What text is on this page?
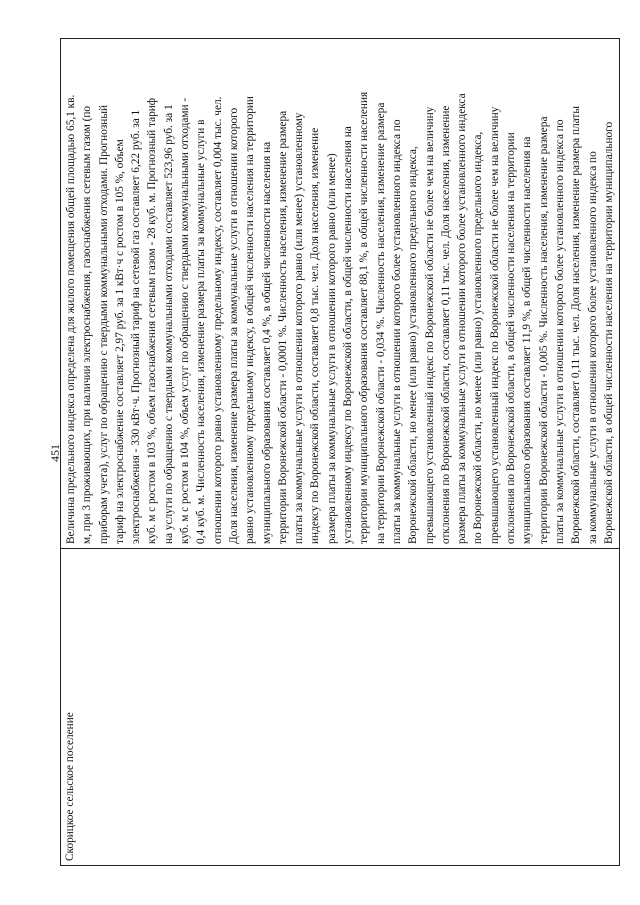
451
Скорицкое сельское поселение

Величина предельного индекса определена для жилого помещения общей площадью 65,1 кв. м, при 3 проживающих, при наличии электроснабжения, газоснабжения сетевым газом (по приборам учета), услуг по обращению с твердыми коммунальными отходами. Прогнозный тариф на электроснабжение составляет 2,97 руб. за 1 кВт·ч с ростом в 105 %, объем электроснабжения - 330 кВт·ч. Прогнозный тариф на сетевой газ составляет 6,22 руб. за 1 куб. м с ростом в 103 %, объем газоснабжения сетевым газом - 28 куб. м. Прогнозный тариф на услуги по обращению с твердыми коммунальными отходами составляет 523,96 руб. за 1 куб. м с ростом в 104 %, объем услуг по обращению с твердыми коммунальными отходами - 0,4 куб. м. Численность населения, изменение размера платы за коммунальные услуги в отношении которого равно установленному предельному индексу, составляет 0,004 тыс. чел. Доля населения, изменение размера платы за коммунальные услуги в отношении которого равно установленному предельному индексу, в общей численности населения на территории муниципального образования составляет 0,4 %, в общей численности населения на территории Воронежской области - 0,0001 %. Численность населения, изменение размера платы за коммунальные услуги в отношении которого равно (или менее) установленному индексу по Воронежской области, составляет 0,8 тыс. чел. Доля населения, изменение размера платы за коммунальные услуги в отношении которого равно (или менее) установленному индексу по Воронежской области, в общей численности населения на территории муниципального образования составляет 88,1 %, в общей численности населения на территории Воронежской области - 0,034 %. Численность населения, изменение размера платы за коммунальные услуги в отношении которого более установленного индекса по Воронежской области, но менее (или равно) установленного предельного индекса, превышающего установленный индекс по Воронежской области не более чем на величину отклонения по Воронежской области, составляет 0,11 тыс. чел. Доля населения, изменение размера платы за коммунальные услуги в отношении которого более установленного индекса по Воронежской области, но менее (или равно) установленного предельного индекса, превышающего установленный индекс по Воронежской области не более чем на величину отклонения по Воронежской области, в общей численности населения на территории муниципального образования составляет 11,9 %, в общей численности населения на территории Воронежской области - 0,005 %. Численность населения, изменение размера платы за коммунальные услуги в отношении которого более установленного индекса по Воронежской области, составляет 0,11 тыс. чел. Доля населения, изменение размера платы за коммунальные услуги в отношении которого более установленного индекса по Воронежской области, в общей численности населения на территории муниципального
